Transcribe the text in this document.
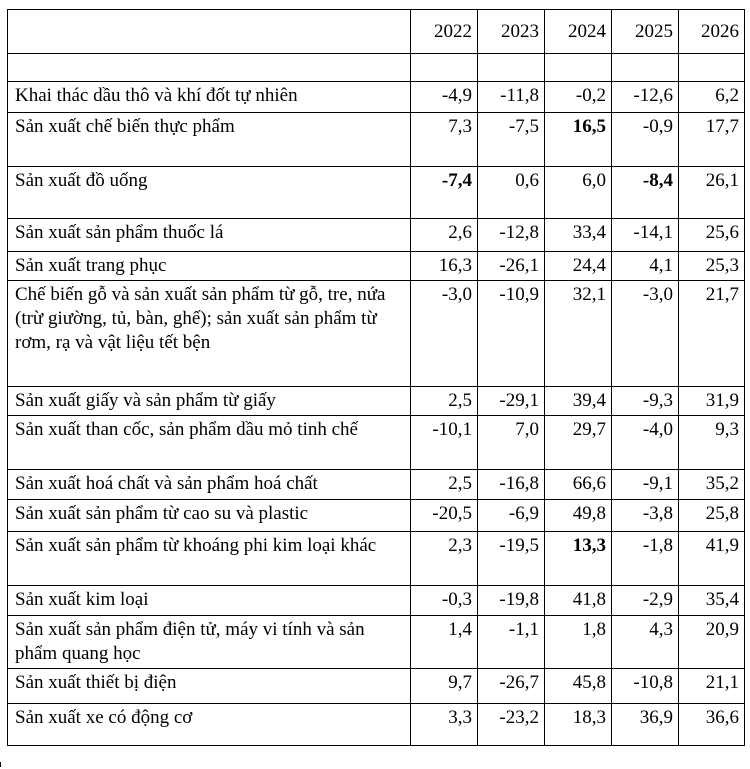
	2022	2023	2024	2025	2026

Khai thác dầu thô và khí đốt tự nhiên	-4,9	-11,8	-0,2	-12,6	6,2
Sản xuất chế biến thực phẩm	7,3	-7,5	16,5	-0,9	17,7
Sản xuất đồ uống	-7,4	0,6	6,0	-8,4	26,1
Sản xuất sản phẩm thuốc lá	2,6	-12,8	33,4	-14,1	25,6
Sản xuất trang phục	16,3	-26,1	24,4	4,1	25,3
Chế biến gỗ và sản xuất sản phẩm từ gỗ, tre, nứa (trừ giường, tủ, bàn, ghế); sản xuất sản phẩm từ rơm, rạ và vật liệu tết bện	-3,0	-10,9	32,1	-3,0	21,7
Sản xuất giấy và sản phẩm từ giấy	2,5	-29,1	39,4	-9,3	31,9
Sản xuất than cốc, sản phẩm dầu mỏ tinh chế	-10,1	7,0	29,7	-4,0	9,3
Sản xuất hoá chất và sản phẩm hoá chất	2,5	-16,8	66,6	-9,1	35,2
Sản xuất sản phẩm từ cao su và plastic	-20,5	-6,9	49,8	-3,8	25,8
Sản xuất sản phẩm từ khoáng phi kim loại khác	2,3	-19,5	13,3	-1,8	41,9
Sản xuất kim loại	-0,3	-19,8	41,8	-2,9	35,4
Sản xuất sản phẩm điện tử, máy vi tính và sản phẩm quang học	1,4	-1,1	1,8	4,3	20,9
Sản xuất thiết bị điện	9,7	-26,7	45,8	-10,8	21,1
Sản xuất xe có động cơ	3,3	-23,2	18,3	36,9	36,6
